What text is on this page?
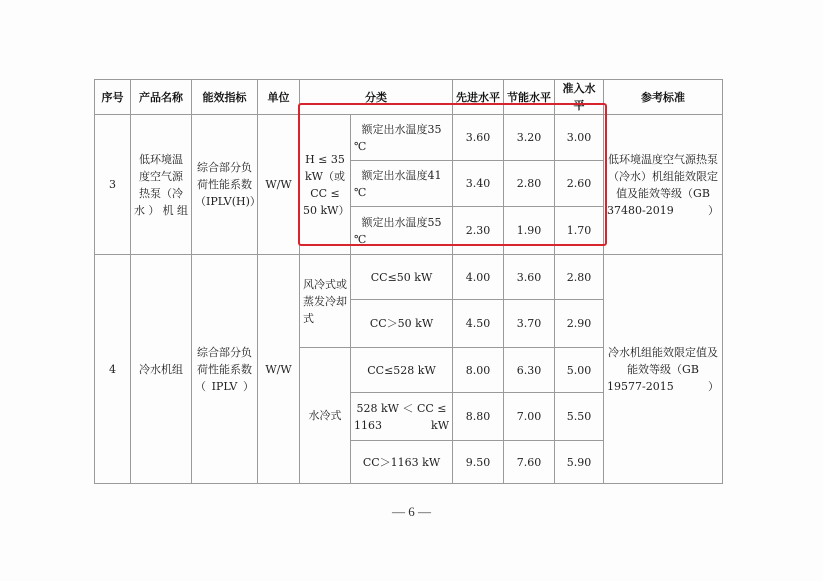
序号	产品名称	能效指标	单位	分类		先进水平	节能水平	准入水平	参考标准
3	低环境温度空气源热泵（冷水）机组	综合部分负荷性能系数（IPLV(H)）	W/W	H ≤ 35 kW（或CC ≤ 50 kW）	额定出水温度35 ℃	3.60	3.20	3.00	低环境温度空气源热泵（冷水）机组能效限定值及能效等级（GB 37480-2019 ）
					额定出水温度41 ℃	3.40	2.80	2.60	
					额定出水温度55 ℃	2.30	1.90	1.70	
4	冷水机组	综合部分负荷性能系数（IPLV）	W/W	风冷式或蒸发冷却式	CC≤50 kW	4.00	3.60	2.80	冷水机组能效限定值及能效等级（GB 19577-2015）
					CC＞50 kW	4.50	3.70	2.90	
				水冷式	CC≤528 kW	8.00	6.30	5.00	
					528 kW ＜ CC ≤ 1163 kW	8.80	7.00	5.50	
					CC＞1163 kW	9.50	7.60	5.90	
— 6 —
